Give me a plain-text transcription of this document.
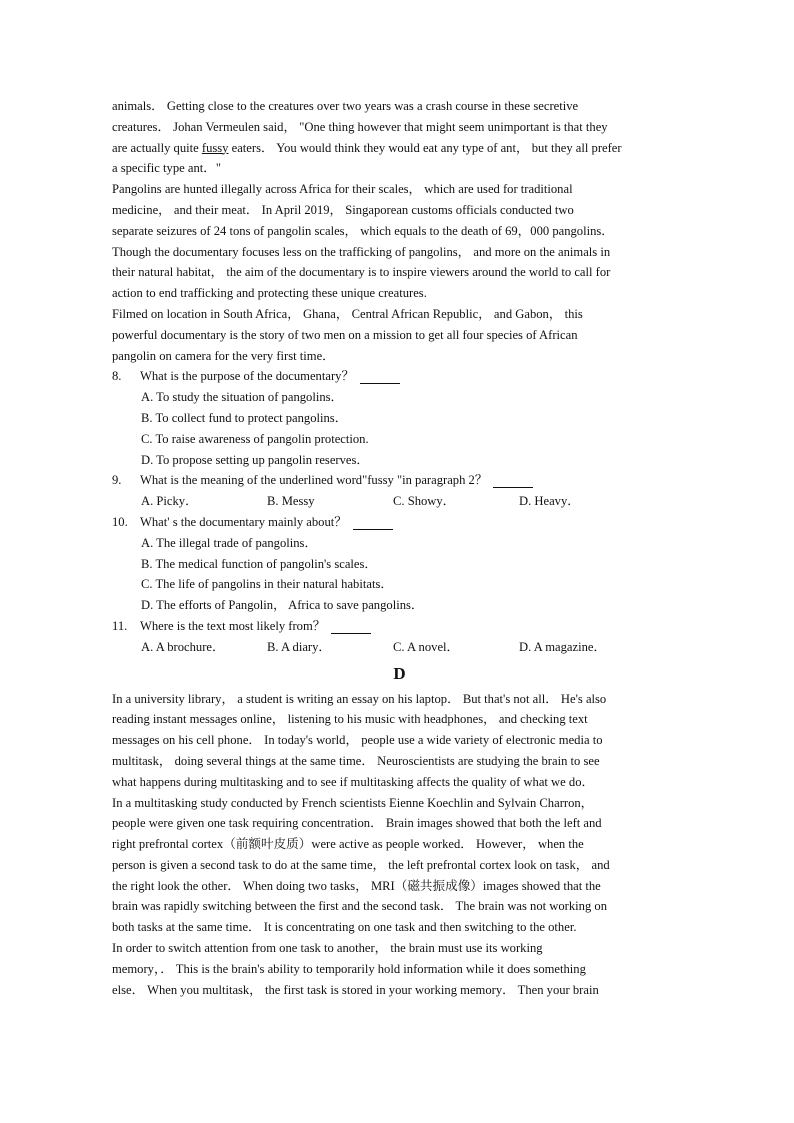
animals． Getting close to the creatures over two years was a crash course in these secretive
creatures． Johan Vermeulen said， "One thing however that might seem unimportant is that they
are actually quite fussy eaters． You would think they would eat any type of ant， but they all prefer
a specific type ant．"
Pangolins are hunted illegally across Africa for their scales， which are used for traditional
medicine， and their meat． In April 2019， Singaporean customs officials conducted two
separate seizures of 24 tons of pangolin scales， which equals to the death of 69，000 pangolins．
Though the documentary focuses less on the trafficking of pangolins， and more on the animals in
their natural habitat， the aim of the documentary is to inspire viewers around the world to call for
action to end trafficking and protecting these unique creatures.
Filmed on location in South Africa， Ghana， Central African Republic， and Gabon， this
powerful documentary is the story of two men on a mission to get all four species of African
pangolin on camera for the very first time．
8. What is the purpose of the documentary？
A. To study the situation of pangolins．
B. To collect fund to protect pangolins．
C. To raise awareness of pangolin protection.
D. To propose setting up pangolin reserves．
9. What is the meaning of the underlined word"fussy "in paragraph 2？
A. Picky．	B. Messy	C. Showy．	D. Heavy．
10. What' s the documentary mainly about？
A. The illegal trade of pangolins．
B. The medical function of pangolin's scales．
C. The life of pangolins in their natural habitats．
D. The efforts of Pangolin， Africa to save pangolins．
11. Where is the text most likely from？
A. A brochure．	B. A diary．	C. A novel．	D. A magazine．
D
In a university library， a student is writing an essay on his laptop． But that's not all． He's also
reading instant messages online， listening to his music with headphones， and checking text
messages on his cell phone． In today's world， people use a wide variety of electronic media to
multitask， doing several things at the same time． Neuroscientists are studying the brain to see
what happens during multitasking and to see if multitasking affects the quality of what we do．
In a multitasking study conducted by French scientists Eienne Koechlin and Sylvain Charron，
people were given one task requiring concentration． Brain images showed that both the left and
right prefrontal cortex（前额叶皮质）were active as people worked． However， when the
person is given a second task to do at the same time， the left prefrontal cortex look on task， and
the right look the other． When doing two tasks， MRI（磁共振成像）images showed that the
brain was rapidly switching between the first and the second task． The brain was not working on
both tasks at the same time． It is concentrating on one task and then switching to the other.
In order to switch attention from one task to another， the brain must use its working
memory，． This is the brain's ability to temporarily hold information while it does something
else． When you multitask， the first task is stored in your working memory． Then your brain
